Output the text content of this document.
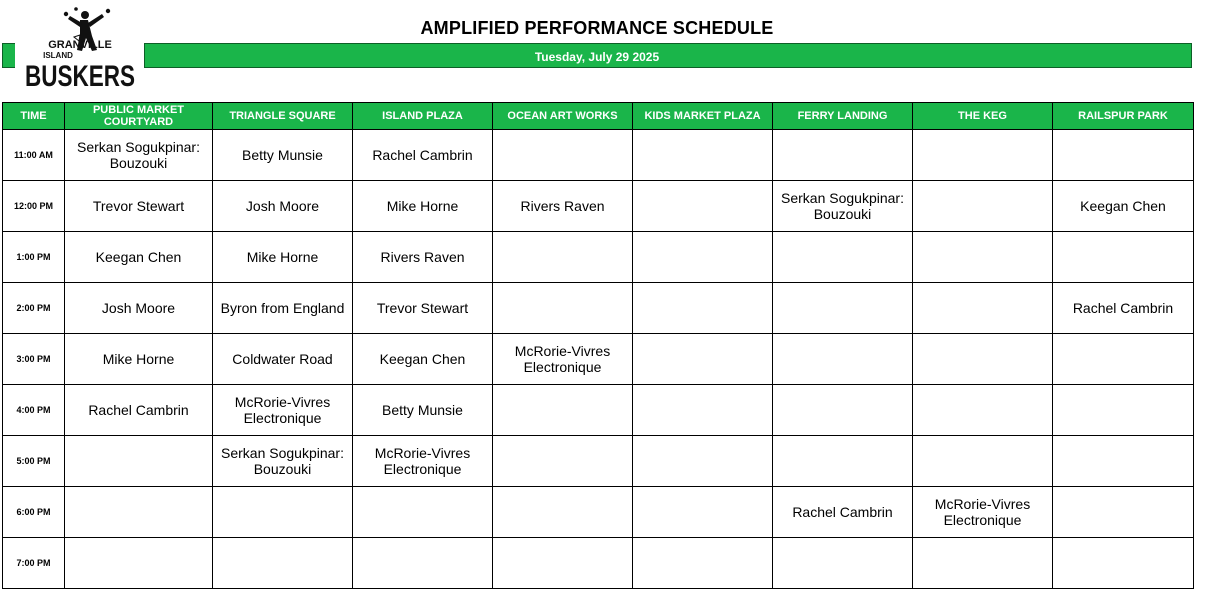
GRANVILLE
ISLAND
BUSKERS
AMPLIFIED PERFORMANCE SCHEDULE
Tuesday, July 29 2025
TIME	PUBLIC MARKET COURTYARD	TRIANGLE SQUARE	ISLAND PLAZA	OCEAN ART WORKS	KIDS MARKET PLAZA	FERRY LANDING	THE KEG	RAILSPUR PARK
11:00 AM	Serkan Sogukpinar: Bouzouki	Betty Munsie	Rachel Cambrin					
12:00 PM	Trevor Stewart	Josh Moore	Mike Horne	Rivers Raven		Serkan Sogukpinar: Bouzouki		Keegan Chen
1:00 PM	Keegan Chen	Mike Horne	Rivers Raven					
2:00 PM	Josh Moore	Byron from England	Trevor Stewart					Rachel Cambrin
3:00 PM	Mike Horne	Coldwater Road	Keegan Chen	McRorie-Vivres Electronique				
4:00 PM	Rachel Cambrin	McRorie-Vivres Electronique	Betty Munsie					
5:00 PM		Serkan Sogukpinar: Bouzouki	McRorie-Vivres Electronique					
6:00 PM						Rachel Cambrin	McRorie-Vivres Electronique	
7:00 PM								
